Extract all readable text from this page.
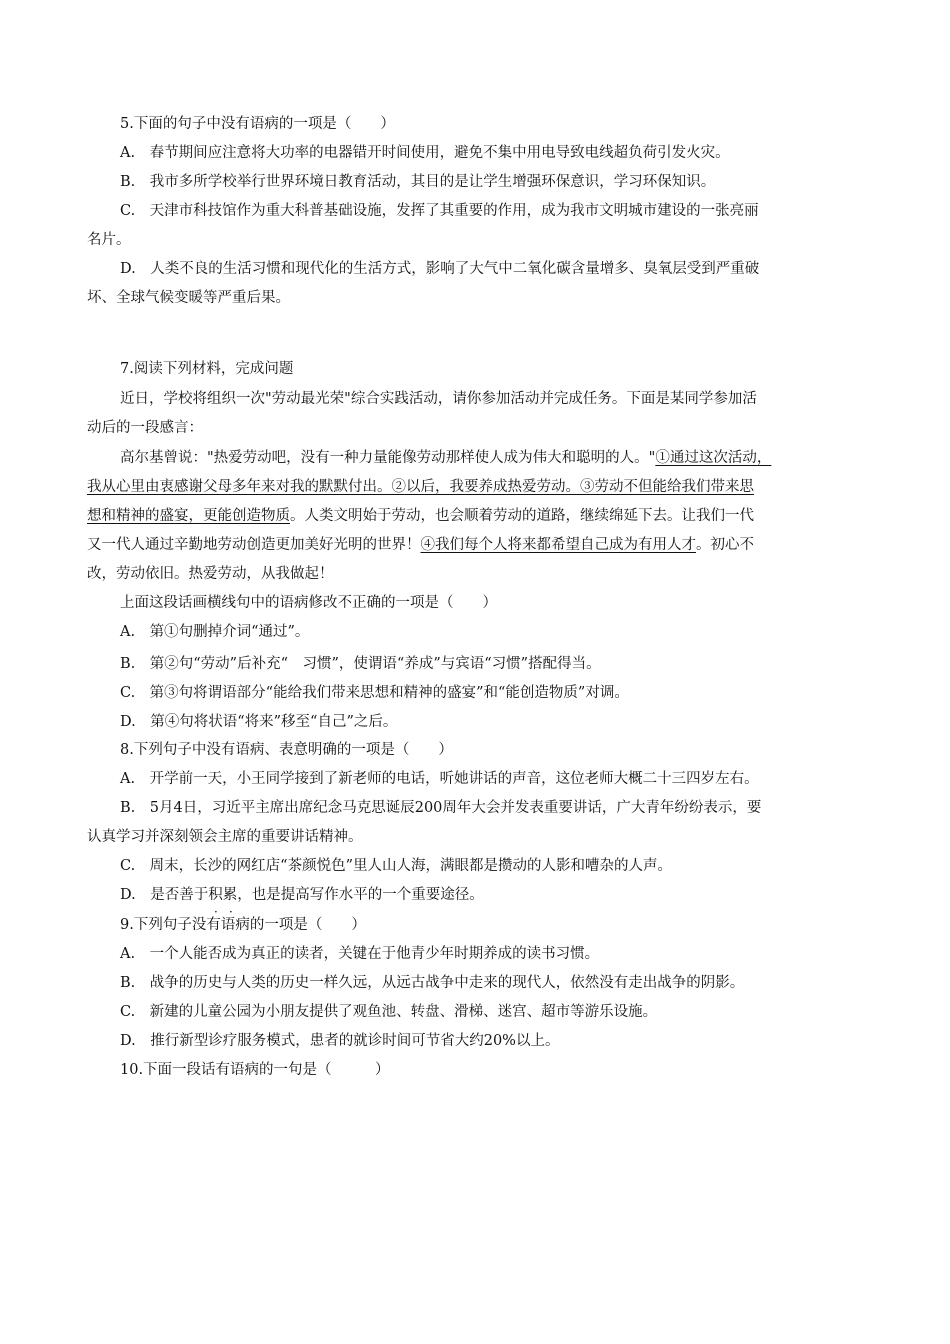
5.下面的句子中没有语病的一项是（　　）
A.　春节期间应注意将大功率的电器错开时间使用，避免不集中用电导致电线超负荷引发火灾。
B.　我市多所学校举行世界环境日教育活动，其目的是让学生增强环保意识，学习环保知识。
C.　天津市科技馆作为重大科普基础设施，发挥了其重要的作用，成为我市文明城市建设的一张亮丽
名片。
D.　人类不良的生活习惯和现代化的生活方式，影响了大气中二氧化碳含量增多、臭氧层受到严重破
坏、全球气候变暖等严重后果。
7.阅读下列材料，完成问题
近日，学校将组织一次"劳动最光荣"综合实践活动，请你参加活动并完成任务。下面是某同学参加活
动后的一段感言：
高尔基曾说："热爱劳动吧，没有一种力量能像劳动那样使人成为伟大和聪明的人。"①通过这次活动，
我从心里由衷感谢父母多年来对我的默默付出。②以后，我要养成热爱劳动。③劳动不但能给我们带来思
想和精神的盛宴，更能创造物质。人类文明始于劳动，也会顺着劳动的道路，继续绵延下去。让我们一代
又一代人通过辛勤地劳动创造更加美好光明的世界！④我们每个人将来都希望自己成为有用人才。初心不
改，劳动依旧。热爱劳动，从我做起！
上面这段话画横线句中的语病修改不正确的一项是（　　）
A.　第①句删掉介词“通过”。
B.　第②句“劳动”后补充“　习惯”，使谓语“养成”与宾语“习惯”搭配得当。
C.　第③句将谓语部分“能给我们带来思想和精神的盛宴”和“能创造物质”对调。
D.　第④句将状语“将来”移至“自己”之后。
8.下列句子中没有语病、表意明确的一项是（　　）
A.　开学前一天，小王同学接到了新老师的电话，听她讲话的声音，这位老师大概二十三四岁左右。
B.　5月4日，习近平主席出席纪念马克思诞辰200周年大会并发表重要讲话，广大青年纷纷表示，要
认真学习并深刻领会主席的重要讲话精神。
C.　周末，长沙的网红店“茶颜悦色”里人山人海，满眼都是攒动的人影和嘈杂的人声。
D.　是否善于积累，也是提高写作水平的一个重要途径。
9.下列句子没有语病的一项是（　　）
· ·
A.　一个人能否成为真正的读者，关键在于他青少年时期养成的读书习惯。
B.　战争的历史与人类的历史一样久远，从远古战争中走来的现代人，依然没有走出战争的阴影。
C.　新建的儿童公园为小朋友提供了观鱼池、转盘、滑梯、迷宫、超市等游乐设施。
D.　推行新型诊疗服务模式，患者的就诊时间可节省大约20%以上。
10.下面一段话有语病的一句是（　　　）
